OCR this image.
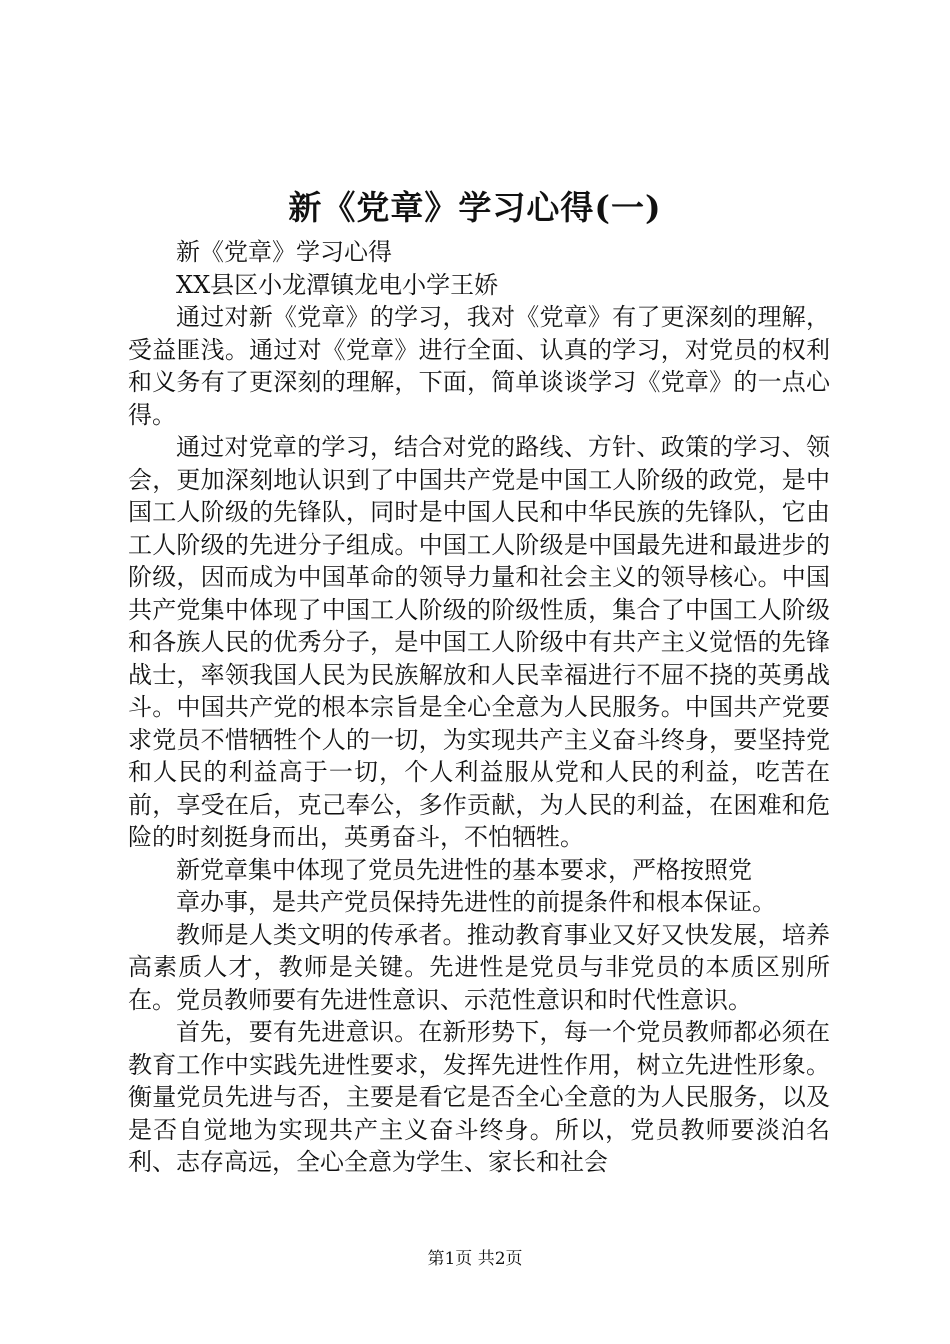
新《党章》学习心得(一)

新《党章》学习心得

XX县区小龙潭镇龙电小学王娇

通过对新《党章》的学习，我对《党章》有了更深刻的理解，受益匪浅。通过对《党章》进行全面、认真的学习，对党员的权利和义务有了更深刻的理解，下面，简单谈谈学习《党章》的一点心得。

通过对党章的学习，结合对党的路线、方针、政策的学习、领会，更加深刻地认识到了中国共产党是中国工人阶级的政党，是中国工人阶级的先锋队，同时是中国人民和中华民族的先锋队，它由工人阶级的先进分子组成。中国工人阶级是中国最先进和最进步的阶级，因而成为中国革命的领导力量和社会主义的领导核心。中国共产党集中体现了中国工人阶级的阶级性质，集合了中国工人阶级和各族人民的优秀分子，是中国工人阶级中有共产主义觉悟的先锋战士，率领我国人民为民族解放和人民幸福进行不屈不挠的英勇战斗。中国共产党的根本宗旨是全心全意为人民服务。中国共产党要求党员不惜牺牲个人的一切，为实现共产主义奋斗终身，要坚持党和人民的利益高于一切，个人利益服从党和人民的利益，吃苦在前，享受在后，克己奉公，多作贡献，为人民的利益，在困难和危险的时刻挺身而出，英勇奋斗，不怕牺牲。

新党章集中体现了党员先进性的基本要求，严格按照党

章办事，是共产党员保持先进性的前提条件和根本保证。

教师是人类文明的传承者。推动教育事业又好又快发展，培养高素质人才，教师是关键。先进性是党员与非党员的本质区别所在。党员教师要有先进性意识、示范性意识和时代性意识。

首先，要有先进意识。在新形势下，每一个党员教师都必须在教育工作中实践先进性要求，发挥先进性作用，树立先进性形象。衡量党员先进与否，主要是看它是否全心全意的为人民服务，以及是否自觉地为实现共产主义奋斗终身。所以，党员教师要淡泊名利、志存高远，全心全意为学生、家长和社会

第1页 共2页
